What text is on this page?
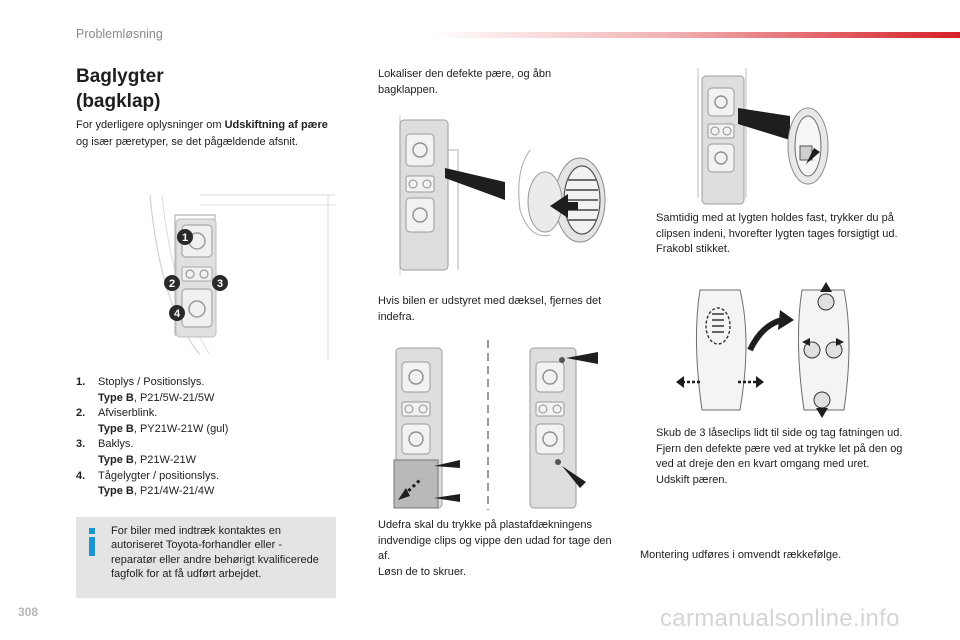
Problemløsning
Baglygter
(bagklap)
For yderligere oplysninger om Udskiftning af pære og især pæretyper, se det pågældende afsnit.
1
2	3
4
1.	Stoplys / Positionslys.
Type B, P21/5W-21/5W
2.	Afviserblink.
Type B, PY21W-21W (gul)
3.	Baklys.
Type B, P21W-21W
4.	Tågelygter / positionslys.
Type B, P21/4W-21/4W
For biler med indtræk kontaktes en autoriseret Toyota-forhandler eller -reparatør eller andre behørigt kvalificerede fagfolk for at få udført arbejdet.
Lokaliser den defekte pære, og åbn bagklappen.
Hvis bilen er udstyret med dæksel, fjernes det indefra.
Udefra skal du trykke på plastafdækningens indvendige clips og vippe den udad for tage den af.
Løsn de to skruer.
Samtidig med at lygten holdes fast, trykker du på clipsen indeni, hvorefter lygten tages forsigtigt ud.
Frakobl stikket.
Skub de 3 låseclips lidt til side og tag fatningen ud.
Fjern den defekte pære ved at trykke let på den og ved at dreje den en kvart omgang med uret.
Udskift pæren.
Montering udføres i omvendt rækkefølge.
308	carmanualsonline.info
